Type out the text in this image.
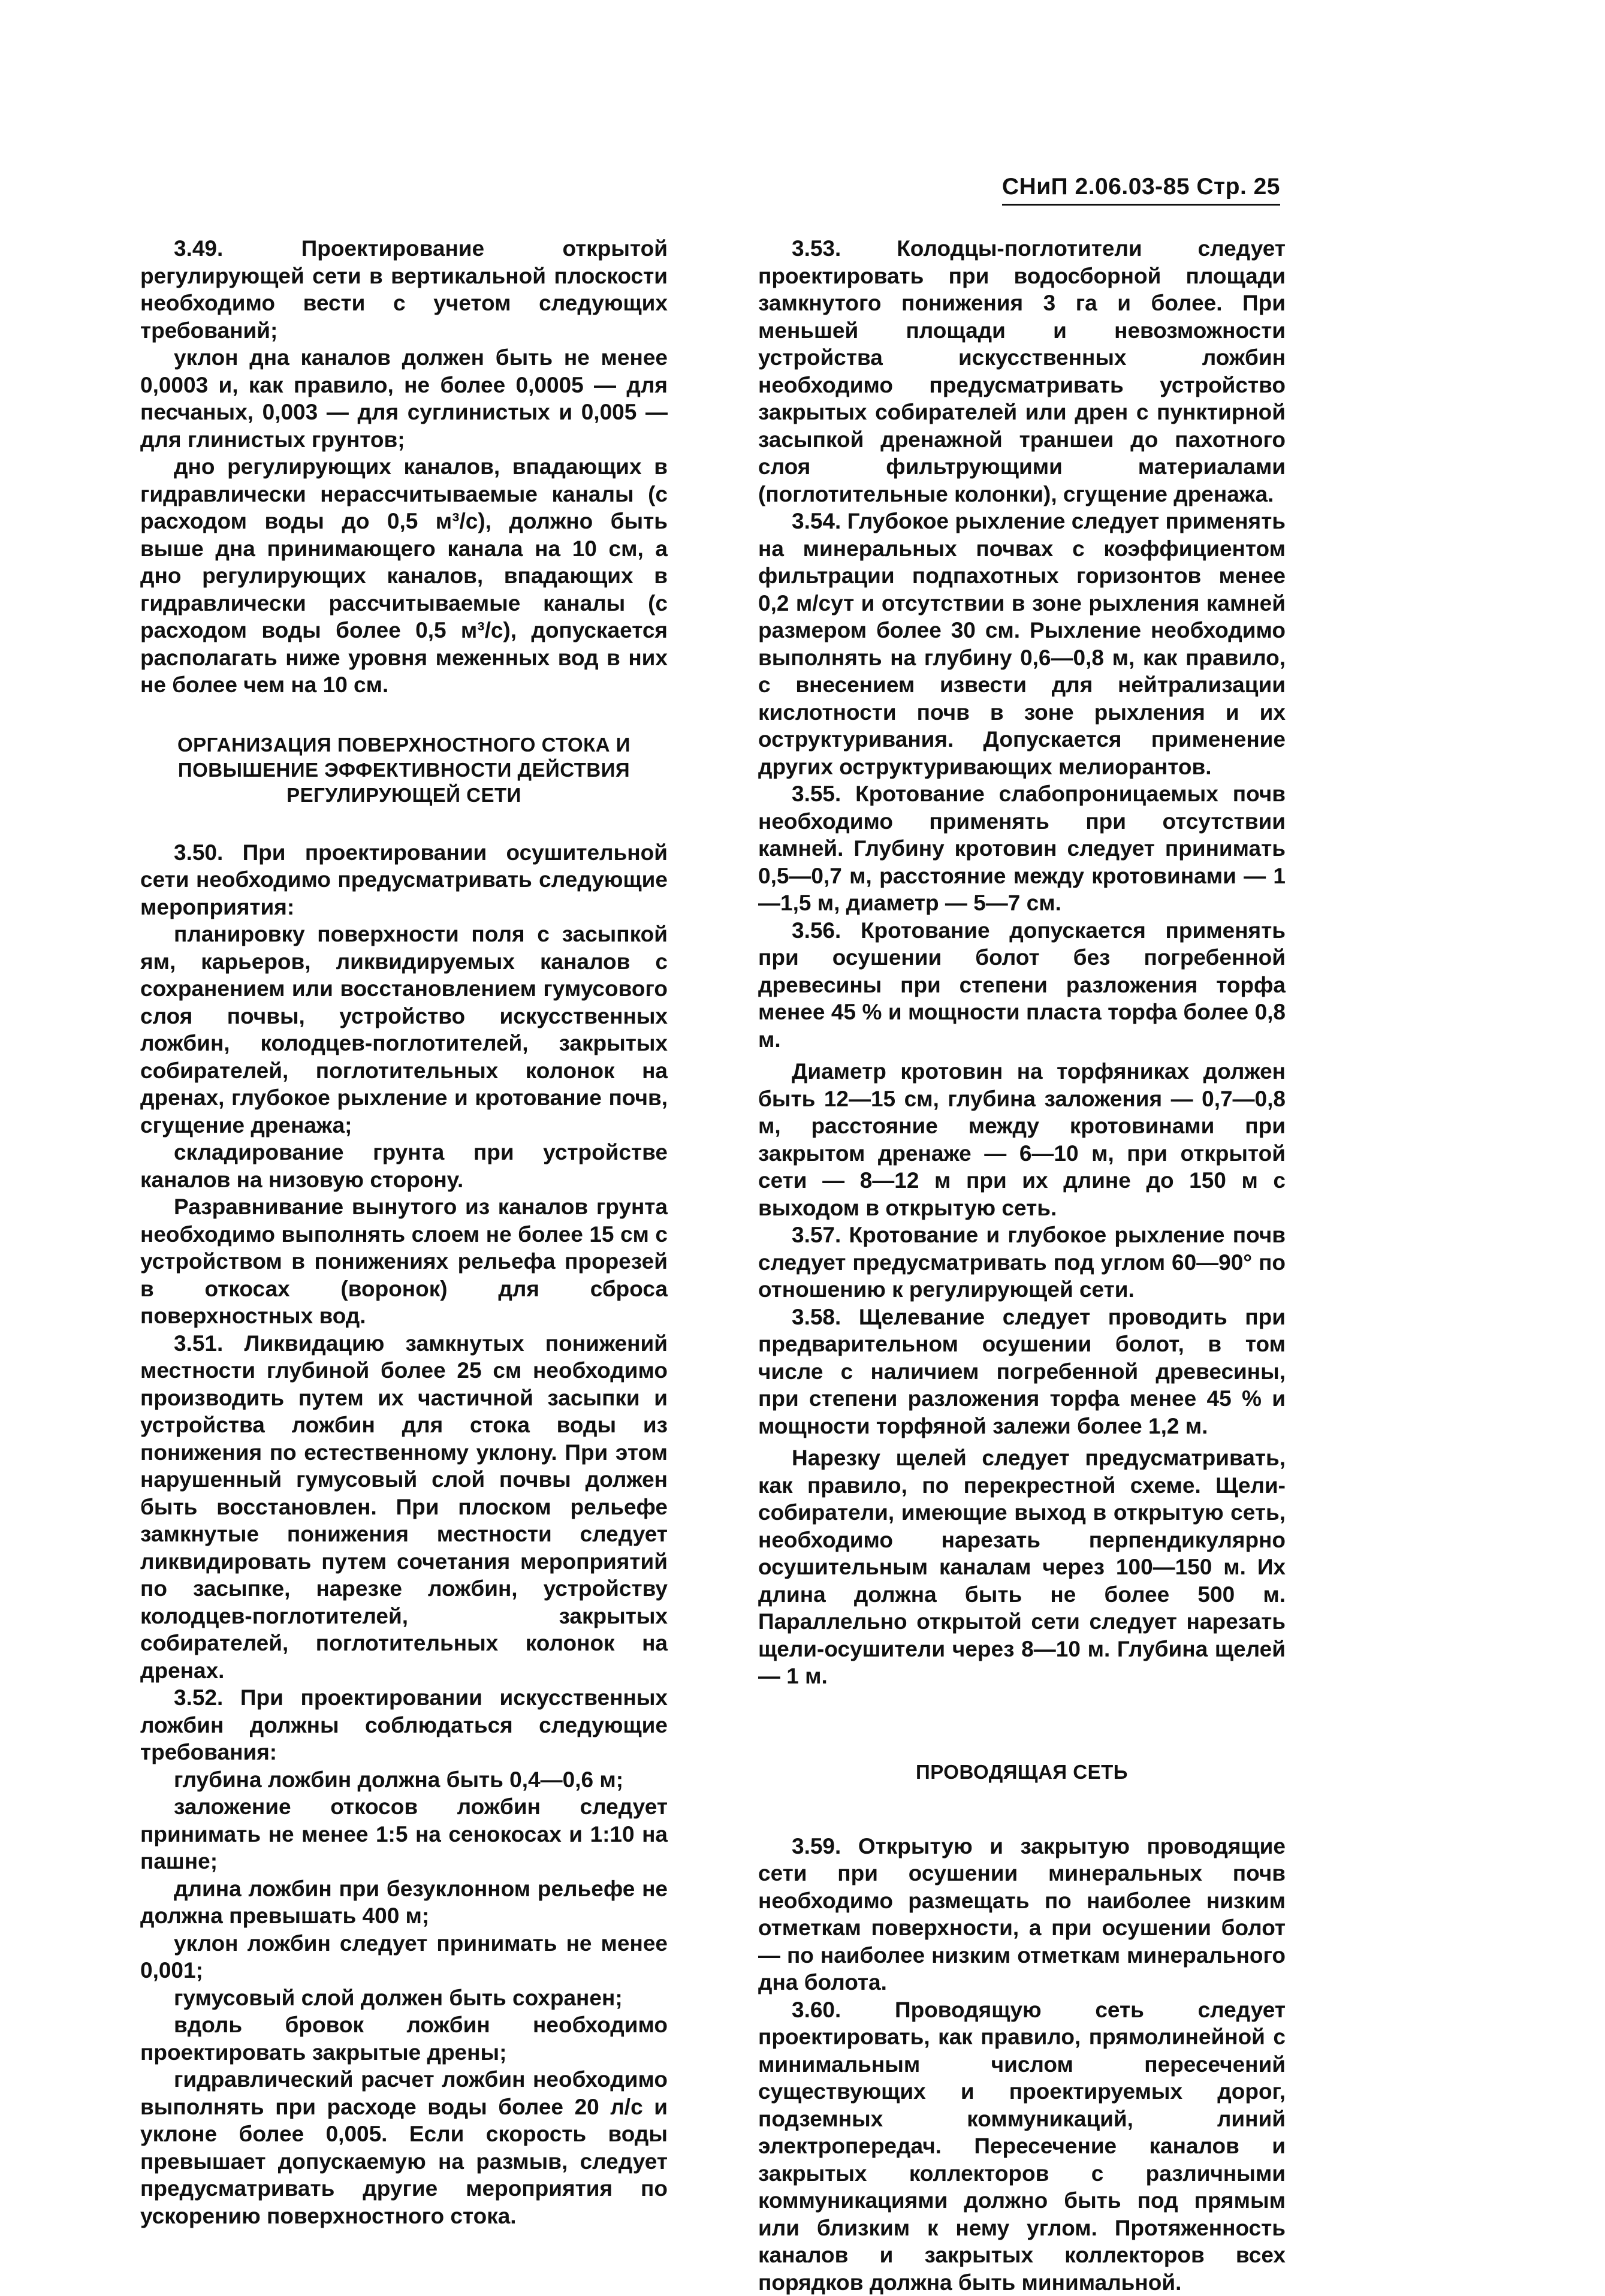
СНиП 2.06.03-85 Стр. 25

3.49. Проектирование открытой регулирующей сети в вертикальной плоскости необходимо вести с учетом следующих требований;

уклон дна каналов должен быть не менее 0,0003 и, как правило, не более 0,0005 — для песчаных, 0,003 — для суглинистых и 0,005 — для глинистых грунтов;

дно регулирующих каналов, впадающих в гидравлически нерассчитываемые каналы (с расходом воды до 0,5 м³/с), должно быть выше дна принимающего канала на 10 см, а дно регулирующих каналов, впадающих в гидравлически рассчитываемые каналы (с расходом воды более 0,5 м³/с), допускается располагать ниже уровня меженных вод в них не более чем на 10 см.

ОРГАНИЗАЦИЯ ПОВЕРХНОСТНОГО СТОКА И ПОВЫШЕНИЕ ЭФФЕКТИВНОСТИ ДЕЙСТВИЯ РЕГУЛИРУЮЩЕЙ СЕТИ

3.50. При проектировании осушительной сети необходимо предусматривать следующие мероприятия:

планировку поверхности поля с засыпкой ям, карьеров, ликвидируемых каналов с сохранением или восстановлением гумусового слоя почвы, устройство искусственных ложбин, колодцев-поглотителей, закрытых собирателей, поглотительных колонок на дренах, глубокое рыхление и кротование почв, сгущение дренажа;

складирование грунта при устройстве каналов на низовую сторону.

Разравнивание вынутого из каналов грунта необходимо выполнять слоем не более 15 см с устройством в понижениях рельефа прорезей в откосах (воронок) для сброса поверхностных вод.

3.51. Ликвидацию замкнутых понижений местности глубиной более 25 см необходимо производить путем их частичной засыпки и устройства ложбин для стока воды из понижения по естественному уклону. При этом нарушенный гумусовый слой почвы должен быть восстановлен. При плоском рельефе замкнутые понижения местности следует ликвидировать путем сочетания мероприятий по засыпке, нарезке ложбин, устройству колодцев-поглотителей, закрытых собирателей, поглотительных колонок на дренах.

3.52. При проектировании искусственных ложбин должны соблюдаться следующие требования:

глубина ложбин должна быть 0,4—0,6 м;

заложение откосов ложбин следует принимать не менее 1:5 на сенокосах и 1:10 на пашне;

длина ложбин при безуклонном рельефе не должна превышать 400 м;

уклон ложбин следует принимать не менее 0,001;

гумусовый слой должен быть сохранен;

вдоль бровок ложбин необходимо проектировать закрытые дрены;

гидравлический расчет ложбин необходимо выполнять при расходе воды более 20 л/с и уклоне более 0,005. Если скорость воды превышает допускаемую на размыв, следует предусматривать другие мероприятия по ускорению поверхностного стока.

3.53. Колодцы-поглотители следует проектировать при водосборной площади замкнутого понижения 3 га и более. При меньшей площади и невозможности устройства искусственных ложбин необходимо предусматривать устройство закрытых собирателей или дрен с пунктирной засыпкой дренажной траншеи до пахотного слоя фильтрующими материалами (поглотительные колонки), сгущение дренажа.

3.54. Глубокое рыхление следует применять на минеральных почвах с коэффициентом фильтрации подпахотных горизонтов менее 0,2 м/сут и отсутствии в зоне рыхления камней размером более 30 см. Рыхление необходимо выполнять на глубину 0,6—0,8 м, как правило, с внесением извести для нейтрализации кислотности почв в зоне рыхления и их оструктуривания. Допускается применение других оструктуривающих мелиорантов.

3.55. Кротование слабопроницаемых почв необходимо применять при отсутствии камней. Глубину кротовин следует принимать 0,5—0,7 м, расстояние между кротовинами — 1—1,5 м, диаметр — 5—7 см.

3.56. Кротование допускается применять при осушении болот без погребенной древесины при степени разложения торфа менее 45 % и мощности пласта торфа более 0,8 м.

Диаметр кротовин на торфяниках должен быть 12—15 см, глубина заложения — 0,7—0,8 м, расстояние между кротовинами при закрытом дренаже — 6—10 м, при открытой сети — 8—12 м при их длине до 150 м с выходом в открытую сеть.

3.57. Кротование и глубокое рыхление почв следует предусматривать под углом 60—90° по отношению к регулирующей сети.

3.58. Щелевание следует проводить при предварительном осушении болот, в том числе с наличием погребенной древесины, при степени разложения торфа менее 45 % и мощности торфяной залежи более 1,2 м.

Нарезку щелей следует предусматривать, как правило, по перекрестной схеме. Щели-собиратели, имеющие выход в открытую сеть, необходимо нарезать перпендикулярно осушительным каналам через 100—150 м. Их длина должна быть не более 500 м. Параллельно открытой сети следует нарезать щели-осушители через 8—10 м. Глубина щелей — 1 м.

ПРОВОДЯЩАЯ СЕТЬ

3.59. Открытую и закрытую проводящие сети при осушении минеральных почв необходимо размещать по наиболее низким отметкам поверхности, а при осушении болот — по наиболее низким отметкам минерального дна болота.

3.60. Проводящую сеть следует проектировать, как правило, прямолинейной с минимальным числом пересечений существующих и проектируемых дорог, подземных коммуникаций, линий электропередач. Пересечение каналов и закрытых коллекторов с различными коммуникациями должно быть под прямым или близким к нему углом. Протяженность каналов и закрытых коллекторов всех порядков должна быть минимальной.
